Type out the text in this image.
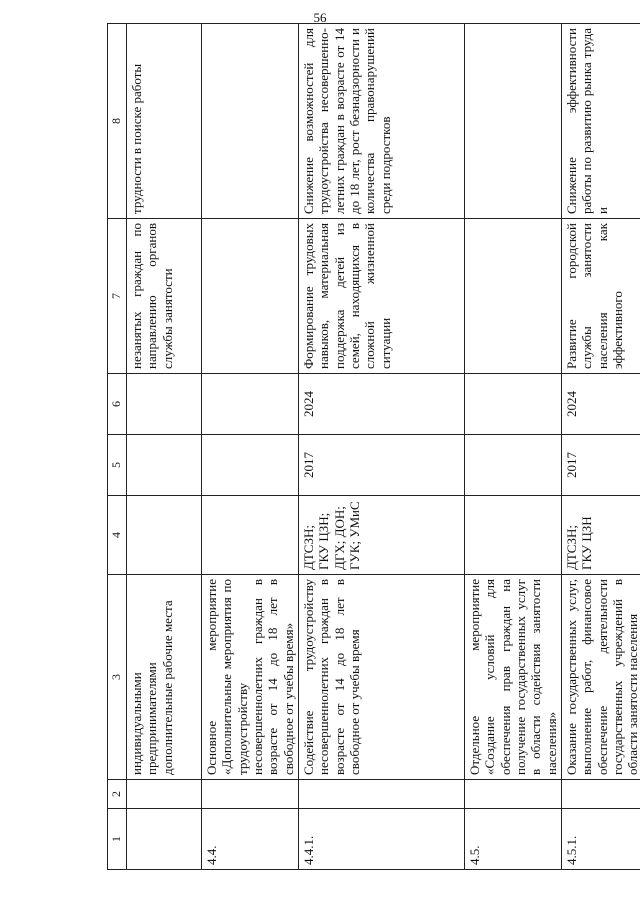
56
1	2	3	4	5	6	7	8
		индивидуальными предпринимателями дополнительные рабочие места				незанятых граждан по направлению органов службы занятости	трудности в поиске работы
4.4.		Основное мероприятие «Дополнительные мероприятия по трудоустройству несовершеннолетних граждан в возрасте от 14 до 18 лет в свободное от учебы время»					
4.4.1.		Содействие трудоустройству несовершеннолетних граждан в возрасте от 14 до 18 лет в свободное от учебы время	ДТСЗН; ГКУ ЦЗН; ДГХ; ДОН; ГУК; УМиС	2017	2024	Формирование трудовых навыков, материальная поддержка детей из семей, находящихся в сложной жизненной ситуации	Снижение возможностей для трудоустройства несовершенно-летних граждан в возрасте от 14 до 18 лет, рост безнадзорности и количества правонарушений среди подростков
4.5.		Отдельное мероприятие «Создание условий для обеспечения прав граждан на получение государственных услуг в области содействия занятости населения»					
4.5.1.		Оказание государственных услуг, выполнение работ, финансовое обеспечение деятельности государственных учреждений в области занятости населения	ДТСЗН; ГКУ ЦЗН	2017	2024	Развитие городской службы занятости населения как эффективного	Снижение эффективности работы по развитию рынка труда и
